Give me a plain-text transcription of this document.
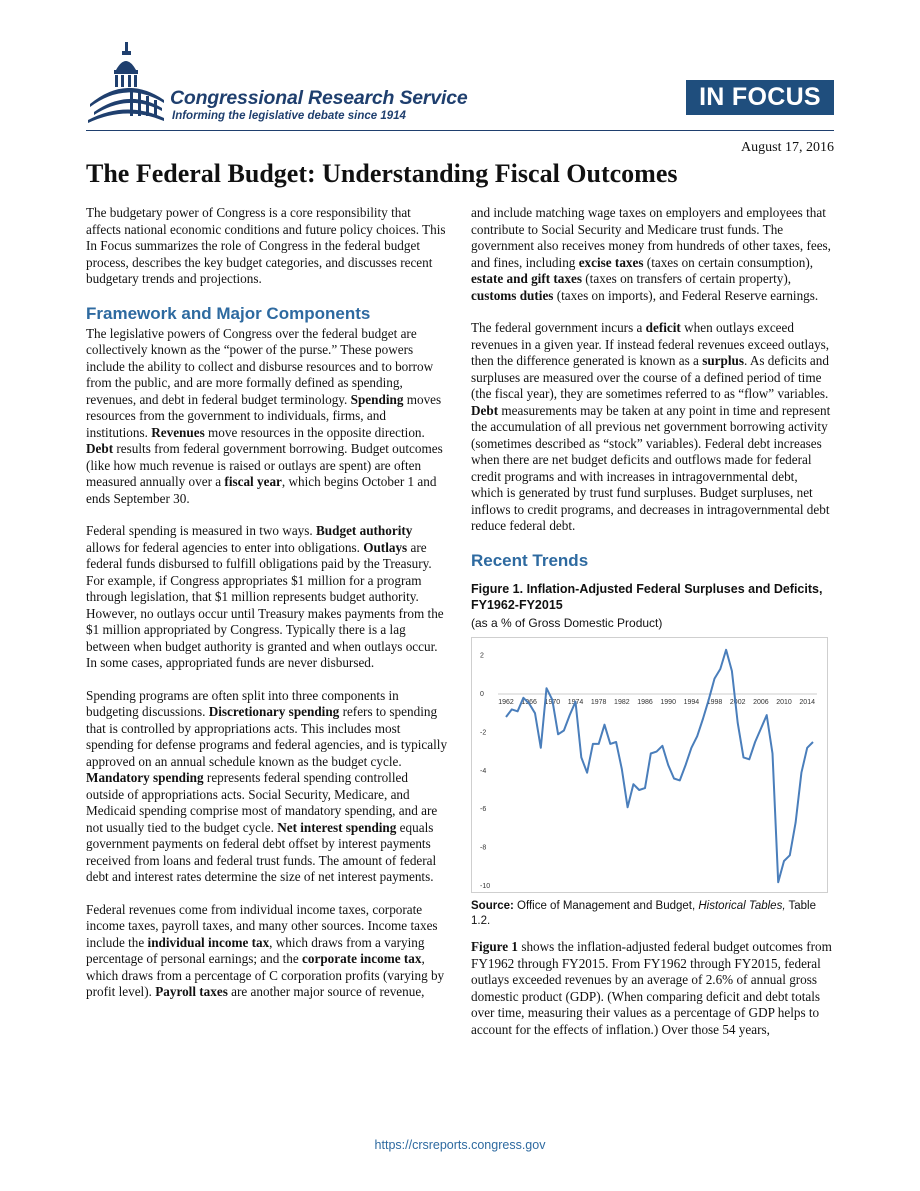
Congressional Research Service
Informing the legislative debate since 1914
IN FOCUS
August 17, 2016
The Federal Budget: Understanding Fiscal Outcomes

The budgetary power of Congress is a core responsibility that affects national economic conditions and future policy choices. This In Focus summarizes the role of Congress in the federal budget process, describes the key budget categories, and discusses recent budgetary trends and projections.

Framework and Major Components

The legislative powers of Congress over the federal budget are collectively known as the “power of the purse.” These powers include the ability to collect and disburse resources and to borrow from the public, and are more formally defined as spending, revenues, and debt in federal budget terminology. Spending moves resources from the government to individuals, firms, and institutions. Revenues move resources in the opposite direction. Debt results from federal government borrowing. Budget outcomes (like how much revenue is raised or outlays are spent) are often measured annually over a fiscal year, which begins October 1 and ends September 30.

Federal spending is measured in two ways. Budget authority allows for federal agencies to enter into obligations. Outlays are federal funds disbursed to fulfill obligations paid by the Treasury. For example, if Congress appropriates $1 million for a program through legislation, that $1 million represents budget authority. However, no outlays occur until Treasury makes payments from the $1 million appropriated by Congress. Typically there is a lag between when budget authority is granted and when outlays occur. In some cases, appropriated funds are never disbursed.

Spending programs are often split into three components in budgeting discussions. Discretionary spending refers to spending that is controlled by appropriations acts. This includes most spending for defense programs and federal agencies, and is typically approved on an annual schedule known as the budget cycle. Mandatory spending represents federal spending controlled outside of appropriations acts. Social Security, Medicare, and Medicaid spending comprise most of mandatory spending, and are not usually tied to the budget cycle. Net interest spending equals government payments on federal debt offset by interest payments received from loans and federal trust funds. The amount of federal debt and interest rates determine the size of net interest payments.

Federal revenues come from individual income taxes, corporate income taxes, payroll taxes, and many other sources. Income taxes include the individual income tax, which draws from a varying percentage of personal earnings; and the corporate income tax, which draws from a percentage of C corporation profits (varying by profit level). Payroll taxes are another major source of revenue,

and include matching wage taxes on employers and employees that contribute to Social Security and Medicare trust funds. The government also receives money from hundreds of other taxes, fees, and fines, including excise taxes (taxes on certain consumption), estate and gift taxes (taxes on transfers of certain property), customs duties (taxes on imports), and Federal Reserve earnings.

The federal government incurs a deficit when outlays exceed revenues in a given year. If instead federal revenues exceed outlays, then the difference generated is known as a surplus. As deficits and surpluses are measured over the course of a defined period of time (the fiscal year), they are sometimes referred to as “flow” variables. Debt measurements may be taken at any point in time and represent the accumulation of all previous net government borrowing activity (sometimes described as “stock” variables). Federal debt increases when there are net budget deficits and outflows made for federal credit programs and with increases in intragovernmental debt, which is generated by trust fund surpluses. Budget surpluses, net inflows to credit programs, and decreases in intragovernmental debt reduce federal debt.

Recent Trends
Figure 1. Inflation-Adjusted Federal Surpluses and Deficits, FY1962-FY2015
(as a % of Gross Domestic Product)
2
0
-2
-4
-6
-8
-10
1962 1966 1970 1974 1978 1982 1986 1990 1994 1998 2002 2006 2010 2014
Source: Office of Management and Budget, Historical Tables, Table 1.2.

Figure 1 shows the inflation-adjusted federal budget outcomes from FY1962 through FY2015. From FY1962 through FY2015, federal outlays exceeded revenues by an average of 2.6% of annual gross domestic product (GDP). (When comparing deficit and debt totals over time, measuring their values as a percentage of GDP helps to account for the effects of inflation.) Over those 54 years,

https://crsreports.congress.gov
